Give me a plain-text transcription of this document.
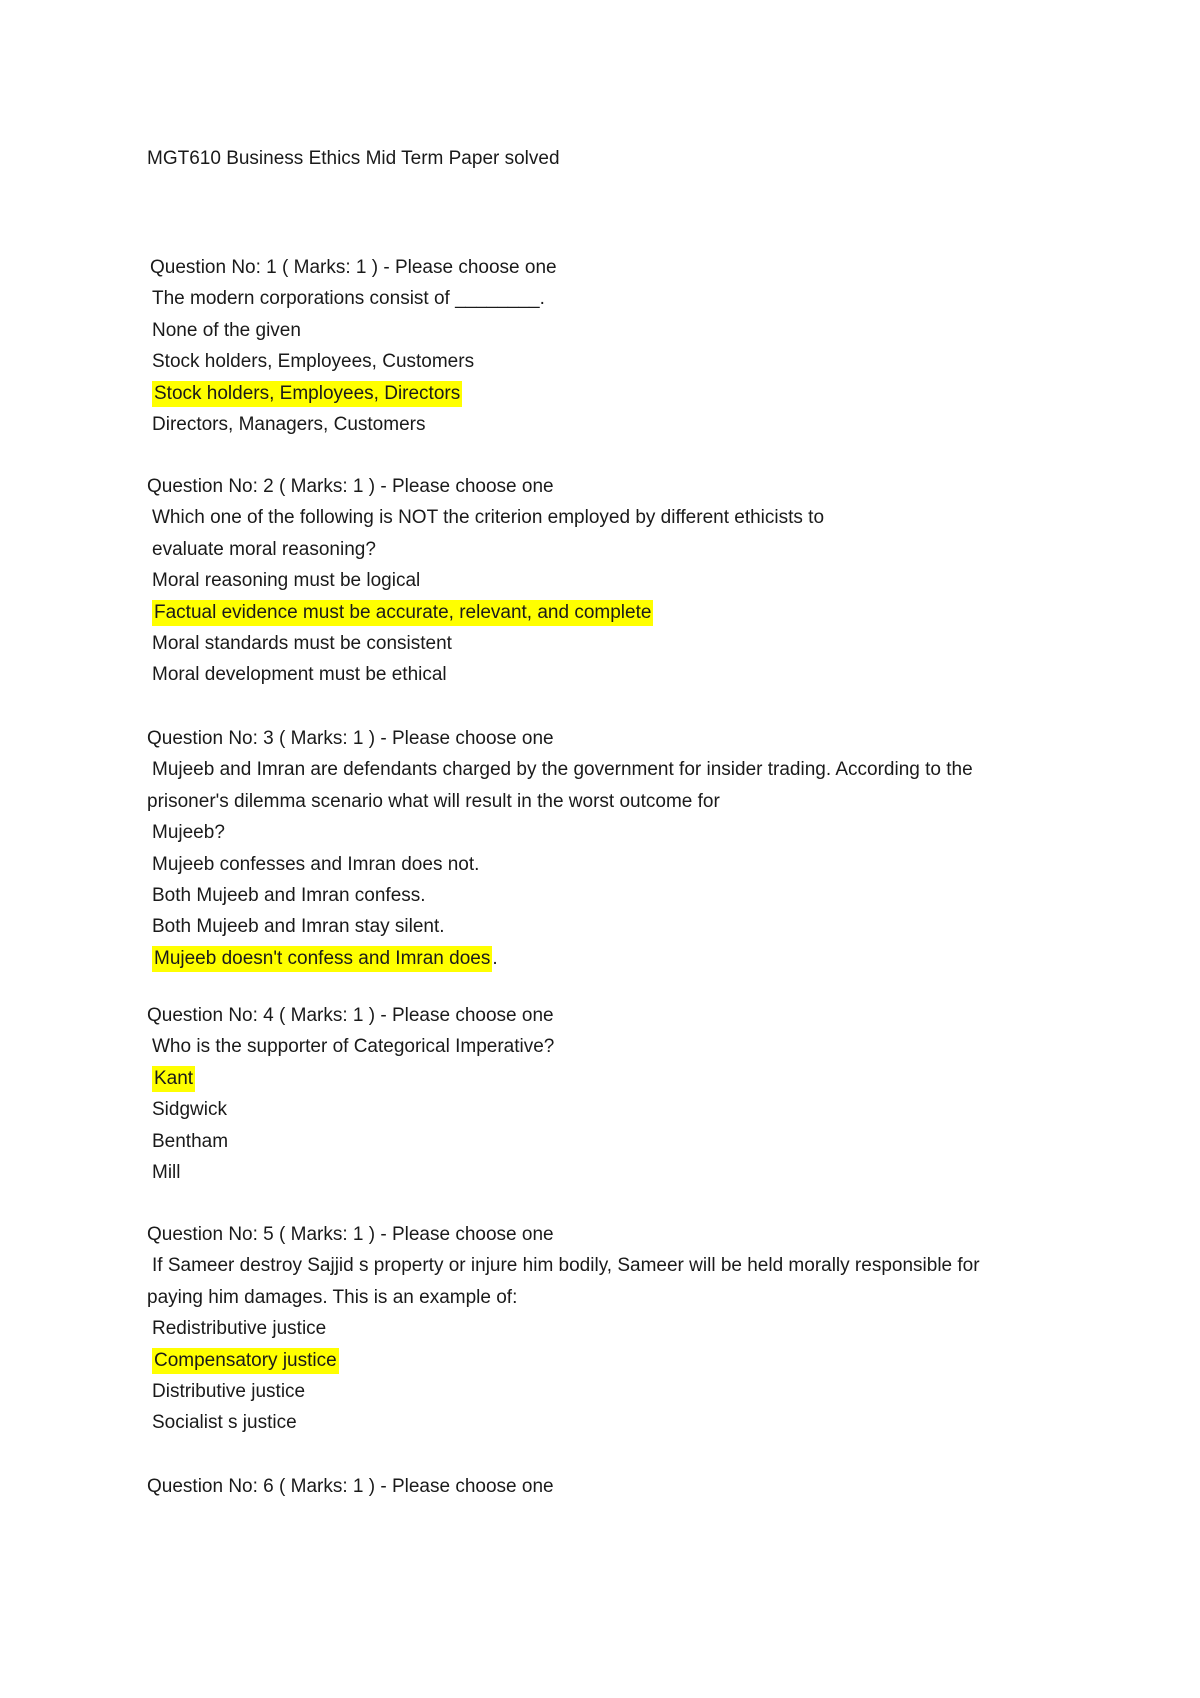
MGT610 Business Ethics Mid Term Paper solved
Question No: 1 ( Marks: 1 ) - Please choose one
The modern corporations consist of ________.
None of the given
Stock holders, Employees, Customers
Stock holders, Employees, Directors
Directors, Managers, Customers
Question No: 2 ( Marks: 1 ) - Please choose one
Which one of the following is NOT the criterion employed by different ethicists to
evaluate moral reasoning?
Moral reasoning must be logical
Factual evidence must be accurate, relevant, and complete
Moral standards must be consistent
Moral development must be ethical
Question No: 3 ( Marks: 1 ) - Please choose one
Mujeeb and Imran are defendants charged by the government for insider trading. According to the
prisoner's dilemma scenario what will result in the worst outcome for
Mujeeb?
Mujeeb confesses and Imran does not.
Both Mujeeb and Imran confess.
Both Mujeeb and Imran stay silent.
Mujeeb doesn't confess and Imran does .
Question No: 4 ( Marks: 1 ) - Please choose one
Who is the supporter of Categorical Imperative?
Kant
Sidgwick
Bentham
Mill
Question No: 5 ( Marks: 1 ) - Please choose one
If Sameer destroy Sajjid s property or injure him bodily, Sameer will be held morally responsible for
paying him damages. This is an example of:
Redistributive justice
Compensatory justice
Distributive justice
Socialist s justice
Question No: 6 ( Marks: 1 ) - Please choose one
